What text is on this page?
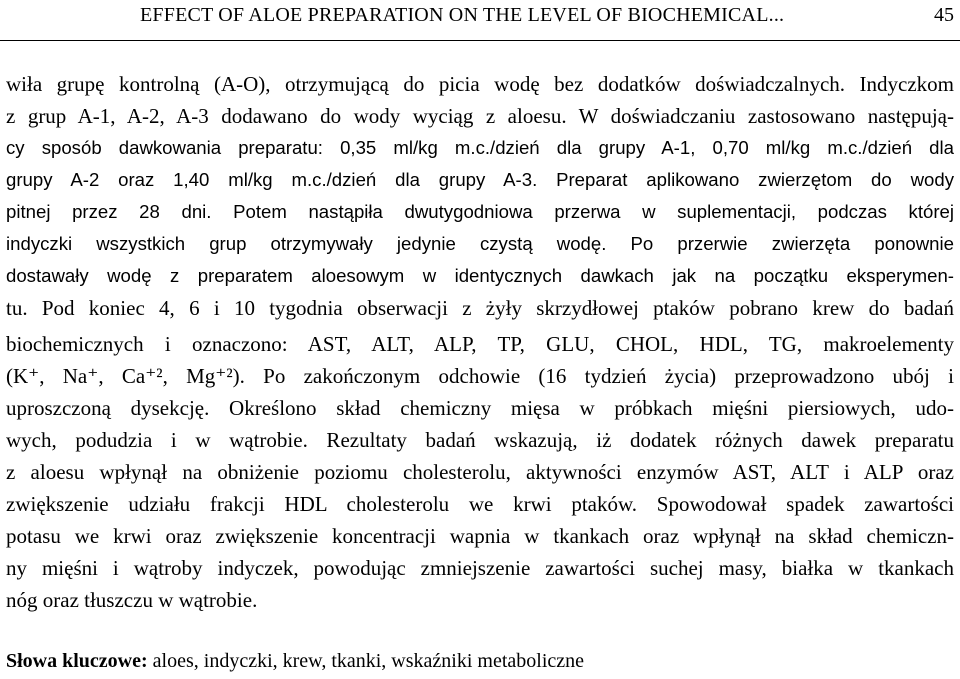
EFFECT OF ALOE PREPARATION ON THE LEVEL OF BIOCHEMICAL...	45
wiła grupę kontrolną (A-O), otrzymującą do picia wodę bez dodatków doświadczalnych. Indyczkom
z grup A-1, A-2, A-3 dodawano do wody wyciąg z aloesu. W doświadczaniu zastosowano następują-
cy sposób dawkowania preparatu: 0,35 ml/kg m.c./dzień dla grupy A-1, 0,70 ml/kg m.c./dzień dla
grupy A-2 oraz 1,40 ml/kg m.c./dzień dla grupy A-3. Preparat aplikowano zwierzętom do wody
pitnej przez 28 dni. Potem nastąpiła dwutygodniowa przerwa w suplementacji, podczas której
indyczki wszystkich grup otrzymywały jedynie czystą wodę. Po przerwie zwierzęta ponownie
dostawały wodę z preparatem aloesowym w identycznych dawkach jak na początku eksperymen-
tu. Pod koniec 4, 6 i 10 tygodnia obserwacji z żyły skrzydłowej ptaków pobrano krew do badań
biochemicznych i oznaczono: AST, ALT, ALP, TP, GLU, CHOL, HDL, TG, makroelementy
(K⁺, Na⁺, Ca⁺², Mg⁺²). Po zakończonym odchowie (16 tydzień życia) przeprowadzono ubój i
uproszczoną dysekcję. Określono skład chemiczny mięsa w próbkach mięśni piersiowych, udo-
wych, podudzia i w wątrobie. Rezultaty badań wskazują, iż dodatek różnych dawek preparatu
z aloesu wpłynął na obniżenie poziomu cholesterolu, aktywności enzymów AST, ALT i ALP oraz
zwiększenie udziału frakcji HDL cholesterolu we krwi ptaków. Spowodował spadek zawartości
potasu we krwi oraz zwiększenie koncentracji wapnia w tkankach oraz wpłynął na skład chemiczn-
ny mięśni i wątroby indyczek, powodując zmniejszenie zawartości suchej masy, białka w tkankach
nóg oraz tłuszczu w wątrobie.
Słowa kluczowe: aloes, indyczki, krew, tkanki, wskaźniki metaboliczne
